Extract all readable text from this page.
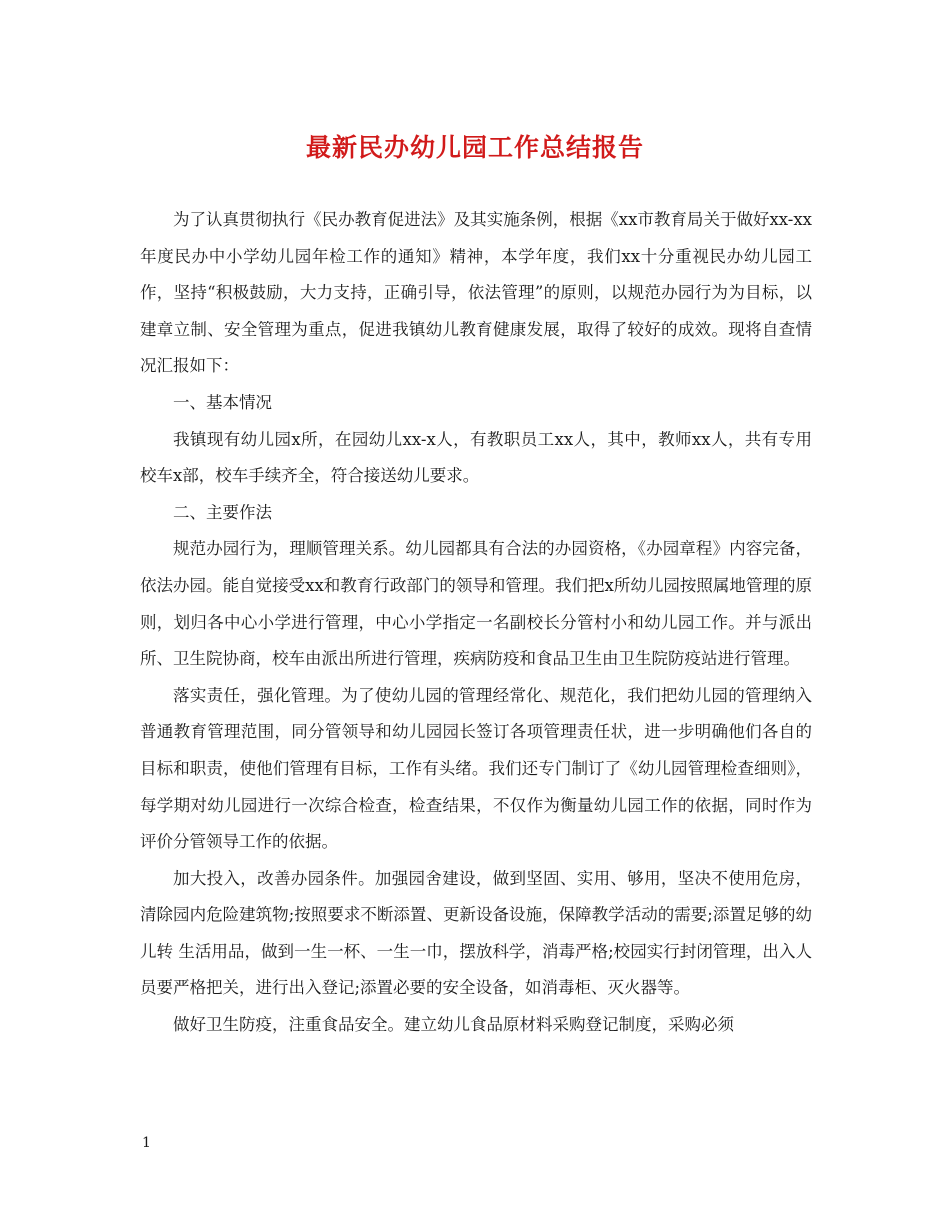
最新民办幼儿园工作总结报告

为了认真贯彻执行《民办教育促进法》及其实施条例，根据《xx市教育局关于做好xx-xx年度民办中小学幼儿园年检工作的通知》精神，本学年度，我们xx十分重视民办幼儿园工作，坚持“积极鼓励，大力支持，正确引导，依法管理”的原则，以规范办园行为为目标，以建章立制、安全管理为重点，促进我镇幼儿教育健康发展，取得了较好的成效。现将自查情况汇报如下：

一、基本情况

我镇现有幼儿园x所，在园幼儿xx-x人，有教职员工xx人，其中，教师xx人，共有专用校车x部，校车手续齐全，符合接送幼儿要求。

二、主要作法

规范办园行为，理顺管理关系。幼儿园都具有合法的办园资格，《办园章程》内容完备，依法办园。能自觉接受xx和教育行政部门的领导和管理。我们把x所幼儿园按照属地管理的原则，划归各中心小学进行管理，中心小学指定一名副校长分管村小和幼儿园工作。并与派出所、卫生院协商，校车由派出所进行管理，疾病防疫和食品卫生由卫生院防疫站进行管理。

落实责任，强化管理。为了使幼儿园的管理经常化、规范化，我们把幼儿园的管理纳入普通教育管理范围，同分管领导和幼儿园园长签订各项管理责任状，进一步明确他们各自的目标和职责，使他们管理有目标，工作有头绪。我们还专门制订了《幼儿园管理检查细则》，每学期对幼儿园进行一次综合检查，检查结果，不仅作为衡量幼儿园工作的依据，同时作为评价分管领导工作的依据。

加大投入，改善办园条件。加强园舍建设，做到坚固、实用、够用，坚决不使用危房，清除园内危险建筑物;按照要求不断添置、更新设备设施，保障教学活动的需要;添置足够的幼儿转 生活用品，做到一生一杯、一生一巾，摆放科学，消毒严格;校园实行封闭管理，出入人员要严格把关，进行出入登记;添置必要的安全设备，如消毒柜、灭火器等。

做好卫生防疫，注重食品安全。建立幼儿食品原材料采购登记制度，采购必须

1
